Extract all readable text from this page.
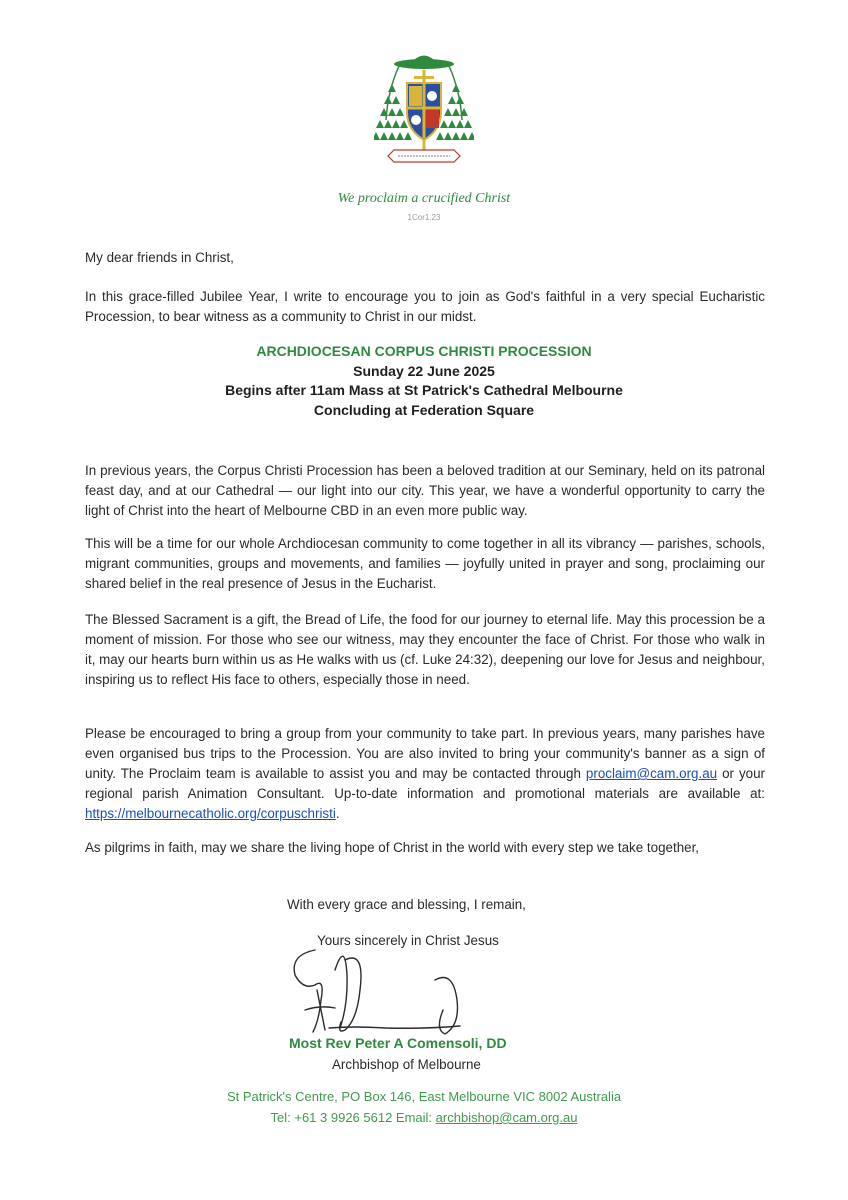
We proclaim a crucified Christ
1Cor1.23

My dear friends in Christ,

In this grace-filled Jubilee Year, I write to encourage you to join as God's faithful in a very special Eucharistic Procession, to bear witness as a community to Christ in our midst.

ARCHDIOCESAN CORPUS CHRISTI PROCESSION
Sunday 22 June 2025
Begins after 11am Mass at St Patrick's Cathedral Melbourne
Concluding at Federation Square

In previous years, the Corpus Christi Procession has been a beloved tradition at our Seminary, held on its patronal feast day, and at our Cathedral — our light into our city. This year, we have a wonderful opportunity to carry the light of Christ into the heart of Melbourne CBD in an even more public way.

This will be a time for our whole Archdiocesan community to come together in all its vibrancy — parishes, schools, migrant communities, groups and movements, and families — joyfully united in prayer and song, proclaiming our shared belief in the real presence of Jesus in the Eucharist.

The Blessed Sacrament is a gift, the Bread of Life, the food for our journey to eternal life. May this procession be a moment of mission. For those who see our witness, may they encounter the face of Christ. For those who walk in it, may our hearts burn within us as He walks with us (cf. Luke 24:32), deepening our love for Jesus and neighbour, inspiring us to reflect His face to others, especially those in need.

Please be encouraged to bring a group from your community to take part. In previous years, many parishes have even organised bus trips to the Procession. You are also invited to bring your community's banner as a sign of unity. The Proclaim team is available to assist you and may be contacted through proclaim@cam.org.au or your regional parish Animation Consultant. Up-to-date information and promotional materials are available at: https://melbournecatholic.org/corpuschristi.

As pilgrims in faith, may we share the living hope of Christ in the world with every step we take together,

With every grace and blessing, I remain,
Yours sincerely in Christ Jesus
Most Rev Peter A Comensoli, DD
Archbishop of Melbourne
St Patrick's Centre, PO Box 146, East Melbourne VIC 8002 Australia
Tel: +61 3 9926 5612 Email: archbishop@cam.org.au
